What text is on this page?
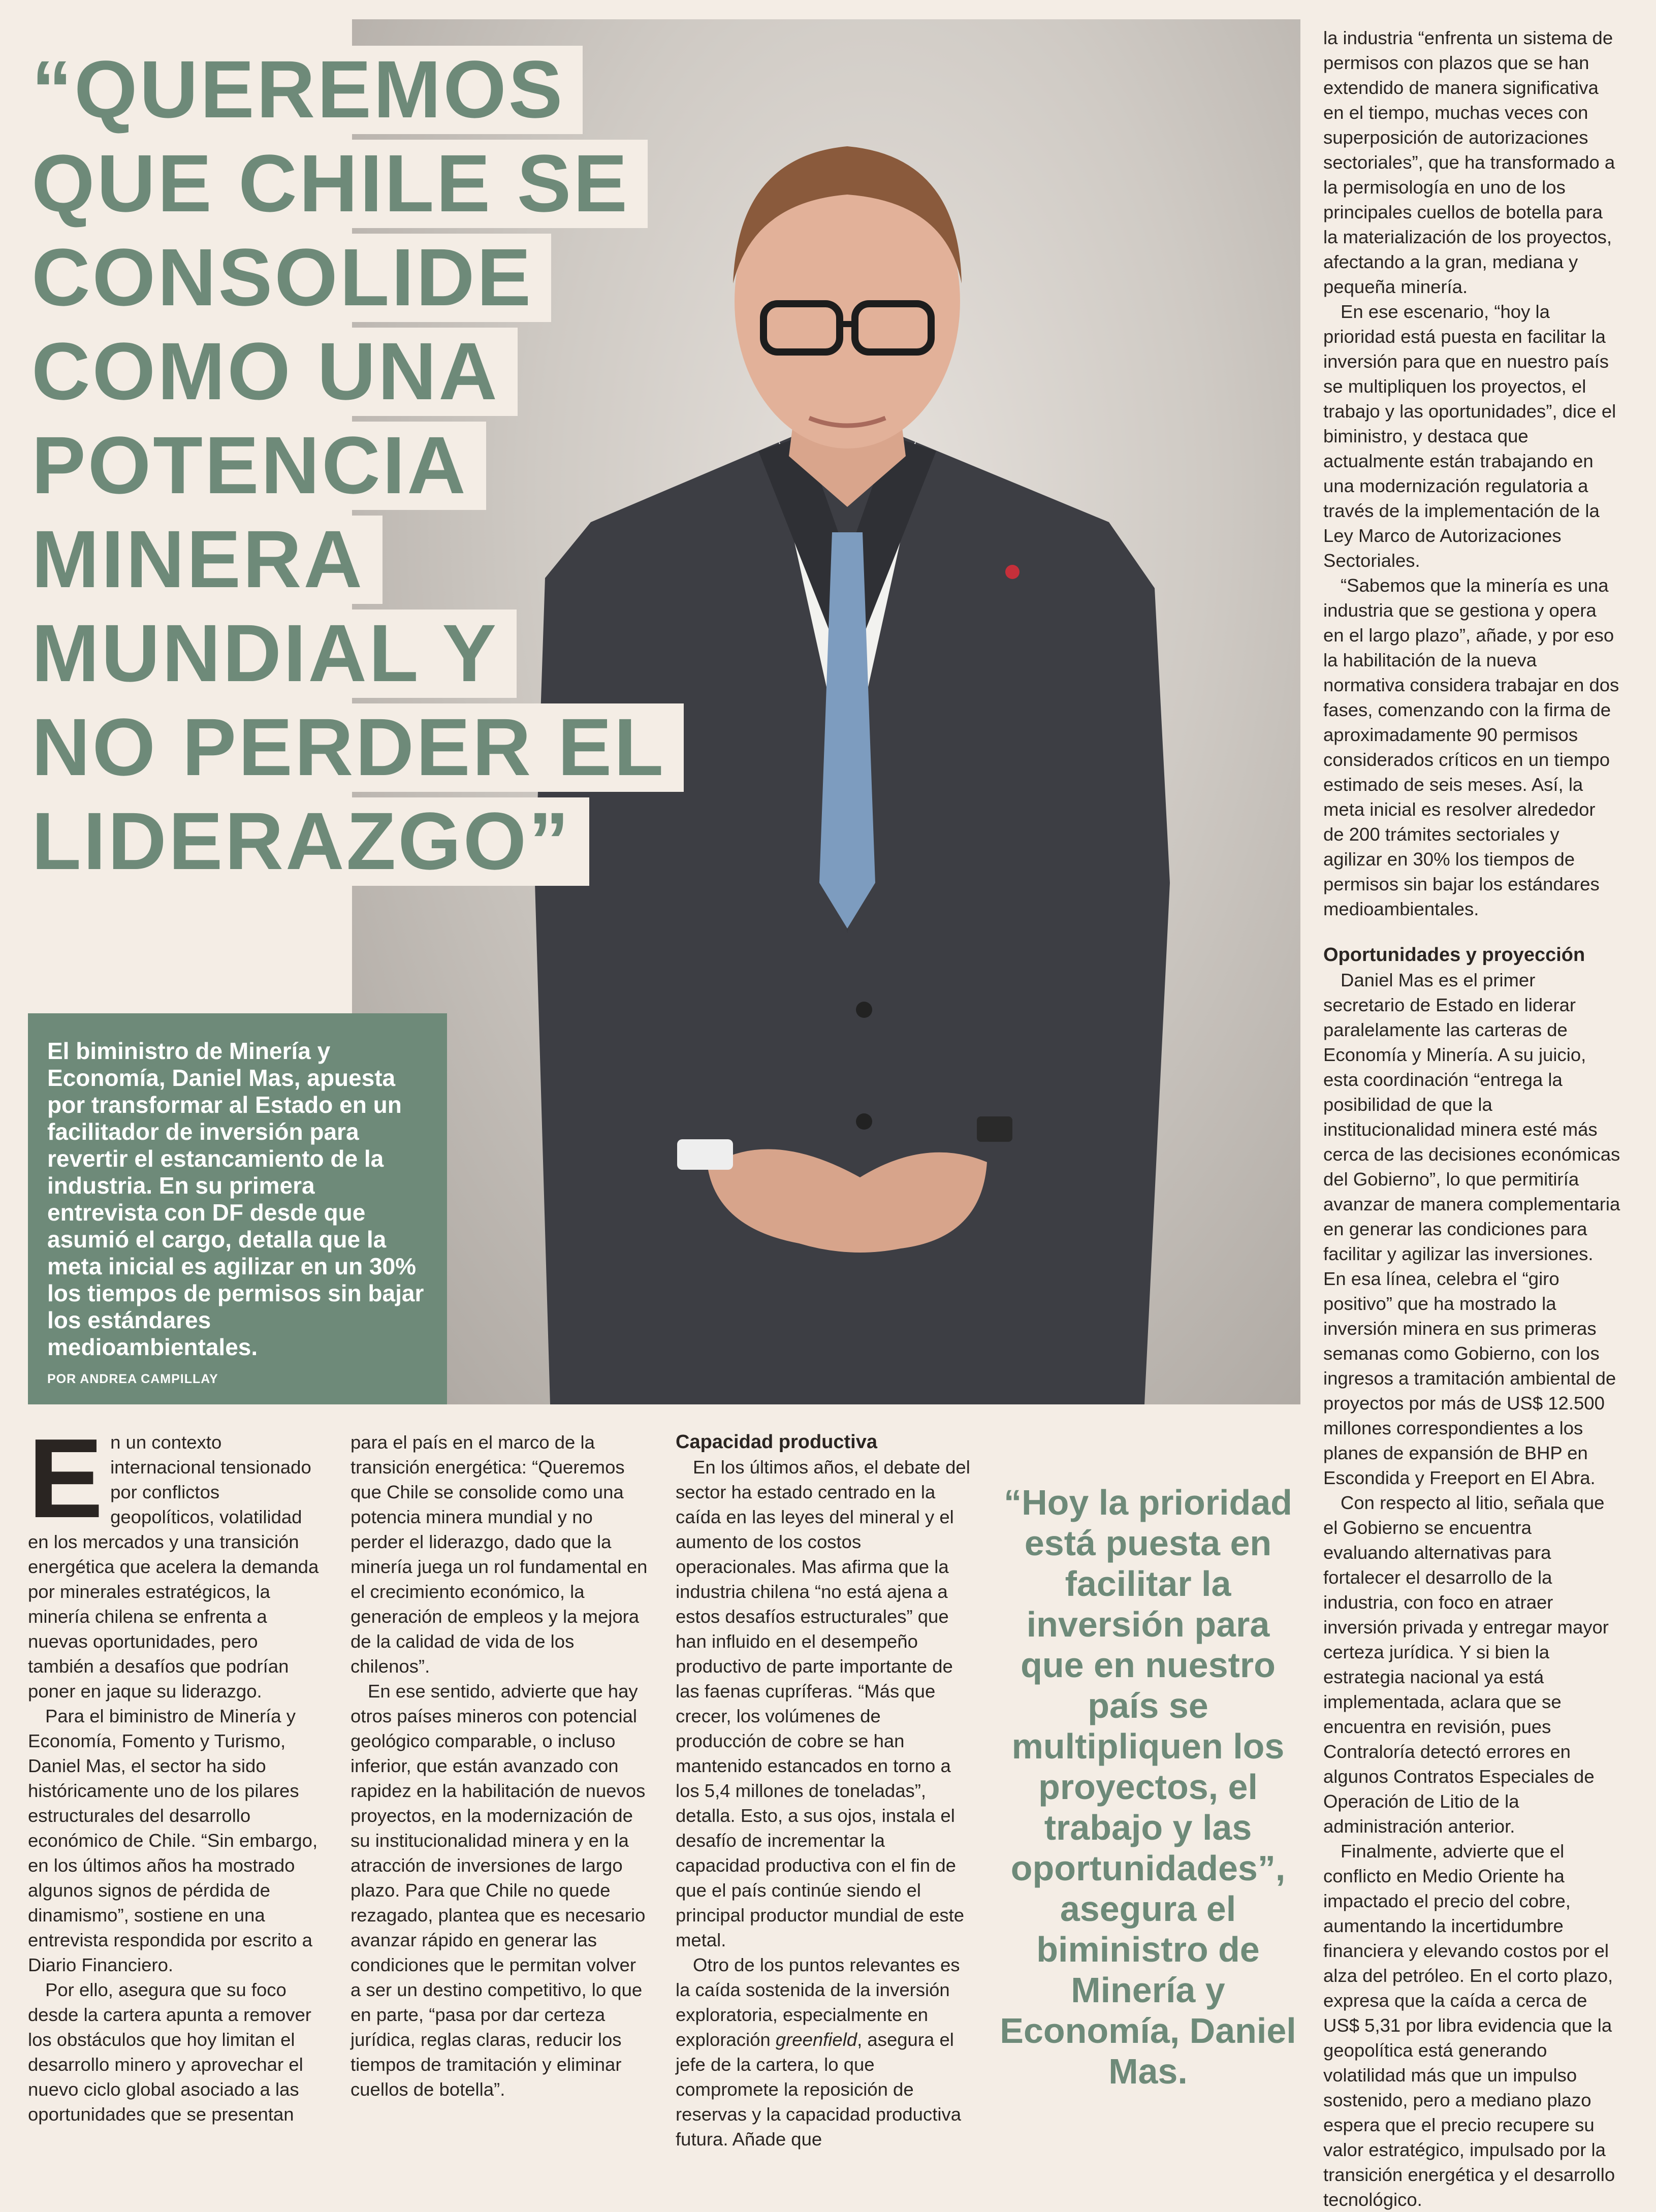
“QUEREMOS
QUE CHILE SE
CONSOLIDE
COMO UNA
POTENCIA
MINERA
MUNDIAL Y
NO PERDER EL
LIDERAZGO”

El biministro de Minería y Economía, Daniel Mas, apuesta por transformar al Estado en un facilitador de inversión para revertir el estancamiento de la industria. En su primera entrevista con DF desde que asumió el cargo, detalla que la meta inicial es agilizar en un 30% los tiempos de permisos sin bajar los estándares medioambientales.

POR ANDREA CAMPILLAY

En un contexto internacional tensionado por conflictos geopolíticos, volatilidad en los mercados y una transición energética que acelera la demanda por minerales estratégicos, la minería chilena se enfrenta a nuevas oportunidades, pero también a desafíos que podrían poner en jaque su liderazgo.

Para el biministro de Minería y Economía, Fomento y Turismo, Daniel Mas, el sector ha sido históricamente uno de los pilares estructurales del desarrollo económico de Chile. “Sin embargo, en los últimos años ha mostrado algunos signos de pérdida de dinamismo”, sostiene en una entrevista respondida por escrito a Diario Financiero.

Por ello, asegura que su foco desde la cartera apunta a remover los obstáculos que hoy limitan el desarrollo minero y aprovechar el nuevo ciclo global asociado a las oportunidades que se presentan

para el país en el marco de la transición energética: “Queremos que Chile se consolide como una potencia minera mundial y no perder el liderazgo, dado que la minería juega un rol fundamental en el crecimiento económico, la generación de empleos y la mejora de la calidad de vida de los chilenos”.

En ese sentido, advierte que hay otros países mineros con potencial geológico comparable, o incluso inferior, que están avanzado con rapidez en la habilitación de nuevos proyectos, en la modernización de su institucionalidad minera y en la atracción de inversiones de largo plazo. Para que Chile no quede rezagado, plantea que es necesario avanzar rápido en generar las condiciones que le permitan volver a ser un destino competitivo, lo que en parte, “pasa por dar certeza jurídica, reglas claras, reducir los tiempos de tramitación y eliminar cuellos de botella”.

Capacidad productiva

En los últimos años, el debate del sector ha estado centrado en la caída en las leyes del mineral y el aumento de los costos operacionales. Mas afirma que la industria chilena “no está ajena a estos desafíos estructurales” que han influido en el desempeño productivo de parte importante de las faenas cupríferas. “Más que crecer, los volúmenes de producción de cobre se han mantenido estancados en torno a los 5,4 millones de toneladas”, detalla. Esto, a sus ojos, instala el desafío de incrementar la capacidad productiva con el fin de que el país continúe siendo el principal productor mundial de este metal.

Otro de los puntos relevantes es la caída sostenida de la inversión exploratoria, especialmente en exploración greenfield, asegura el jefe de la cartera, lo que compromete la reposición de reservas y la capacidad productiva futura. Añade que

“Hoy la prioridad está puesta en facilitar la inversión para que en nuestro país se multipliquen los proyectos, el trabajo y las oportunidades”, asegura el biministro de Minería y Economía, Daniel Mas.

la industria “enfrenta un sistema de permisos con plazos que se han extendido de manera significativa en el tiempo, muchas veces con superposición de autorizaciones sectoriales”, que ha transformado a la permisología en uno de los principales cuellos de botella para la materialización de los proyectos, afectando a la gran, mediana y pequeña minería.

En ese escenario, “hoy la prioridad está puesta en facilitar la inversión para que en nuestro país se multipliquen los proyectos, el trabajo y las oportunidades”, dice el biministro, y destaca que actualmente están trabajando en una modernización regulatoria a través de la implementación de la Ley Marco de Autorizaciones Sectoriales.

“Sabemos que la minería es una industria que se gestiona y opera en el largo plazo”, añade, y por eso la habilitación de la nueva normativa considera trabajar en dos fases, comenzando con la firma de aproximadamente 90 permisos considerados críticos en un tiempo estimado de seis meses. Así, la meta inicial es resolver alrededor de 200 trámites sectoriales y agilizar en 30% los tiempos de permisos sin bajar los estándares medioambientales.

Oportunidades y proyección

Daniel Mas es el primer secretario de Estado en liderar paralelamente las carteras de Economía y Minería. A su juicio, esta coordinación “entrega la posibilidad de que la institucionalidad minera esté más cerca de las decisiones económicas del Gobierno”, lo que permitiría avanzar de manera complementaria en generar las condiciones para facilitar y agilizar las inversiones. En esa línea, celebra el “giro positivo” que ha mostrado la inversión minera en sus primeras semanas como Gobierno, con los ingresos a tramitación ambiental de proyectos por más de US$ 12.500 millones correspondientes a los planes de expansión de BHP en Escondida y Freeport en El Abra.

Con respecto al litio, señala que el Gobierno se encuentra evaluando alternativas para fortalecer el desarrollo de la industria, con foco en atraer inversión privada y entregar mayor certeza jurídica. Y si bien la estrategia nacional ya está implementada, aclara que se encuentra en revisión, pues Contraloría detectó errores en algunos Contratos Especiales de Operación de Litio de la administración anterior.

Finalmente, advierte que el conflicto en Medio Oriente ha impactado el precio del cobre, aumentando la incertidumbre financiera y elevando costos por el alza del petróleo. En el corto plazo, expresa que la caída a cerca de US$ 5,31 por libra evidencia que la geopolítica está generando volatilidad más que un impulso sostenido, pero a mediano plazo espera que el precio recupere su valor estratégico, impulsado por la transición energética y el desarrollo tecnológico.
